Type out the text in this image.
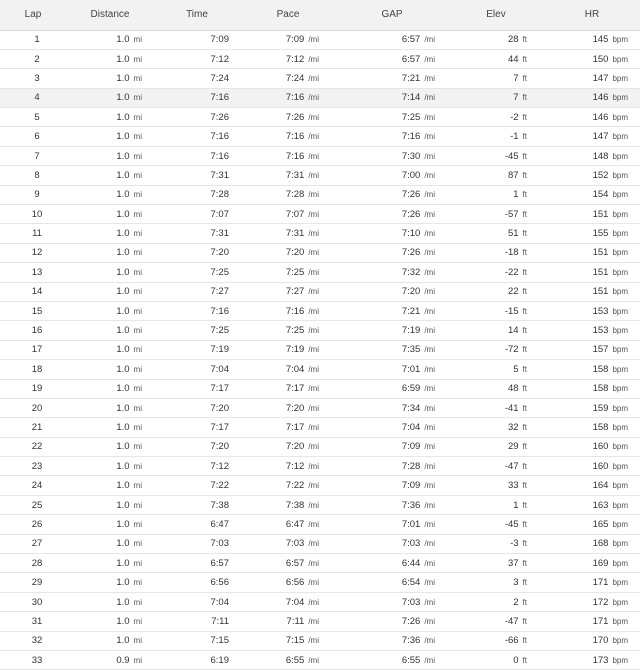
Lap	Distance	Time	Pace	GAP	Elev	HR
1	1.0 mi	7:09	7:09 /mi	6:57 /mi	28 ft	145 bpm
2	1.0 mi	7:12	7:12 /mi	6:57 /mi	44 ft	150 bpm
3	1.0 mi	7:24	7:24 /mi	7:21 /mi	7 ft	147 bpm
4	1.0 mi	7:16	7:16 /mi	7:14 /mi	7 ft	146 bpm
5	1.0 mi	7:26	7:26 /mi	7:25 /mi	-2 ft	146 bpm
6	1.0 mi	7:16	7:16 /mi	7:16 /mi	-1 ft	147 bpm
7	1.0 mi	7:16	7:16 /mi	7:30 /mi	-45 ft	148 bpm
8	1.0 mi	7:31	7:31 /mi	7:00 /mi	87 ft	152 bpm
9	1.0 mi	7:28	7:28 /mi	7:26 /mi	1 ft	154 bpm
10	1.0 mi	7:07	7:07 /mi	7:26 /mi	-57 ft	151 bpm
11	1.0 mi	7:31	7:31 /mi	7:10 /mi	51 ft	155 bpm
12	1.0 mi	7:20	7:20 /mi	7:26 /mi	-18 ft	151 bpm
13	1.0 mi	7:25	7:25 /mi	7:32 /mi	-22 ft	151 bpm
14	1.0 mi	7:27	7:27 /mi	7:20 /mi	22 ft	151 bpm
15	1.0 mi	7:16	7:16 /mi	7:21 /mi	-15 ft	153 bpm
16	1.0 mi	7:25	7:25 /mi	7:19 /mi	14 ft	153 bpm
17	1.0 mi	7:19	7:19 /mi	7:35 /mi	-72 ft	157 bpm
18	1.0 mi	7:04	7:04 /mi	7:01 /mi	5 ft	158 bpm
19	1.0 mi	7:17	7:17 /mi	6:59 /mi	48 ft	158 bpm
20	1.0 mi	7:20	7:20 /mi	7:34 /mi	-41 ft	159 bpm
21	1.0 mi	7:17	7:17 /mi	7:04 /mi	32 ft	158 bpm
22	1.0 mi	7:20	7:20 /mi	7:09 /mi	29 ft	160 bpm
23	1.0 mi	7:12	7:12 /mi	7:28 /mi	-47 ft	160 bpm
24	1.0 mi	7:22	7:22 /mi	7:09 /mi	33 ft	164 bpm
25	1.0 mi	7:38	7:38 /mi	7:36 /mi	1 ft	163 bpm
26	1.0 mi	6:47	6:47 /mi	7:01 /mi	-45 ft	165 bpm
27	1.0 mi	7:03	7:03 /mi	7:03 /mi	-3 ft	168 bpm
28	1.0 mi	6:57	6:57 /mi	6:44 /mi	37 ft	169 bpm
29	1.0 mi	6:56	6:56 /mi	6:54 /mi	3 ft	171 bpm
30	1.0 mi	7:04	7:04 /mi	7:03 /mi	2 ft	172 bpm
31	1.0 mi	7:11	7:11 /mi	7:26 /mi	-47 ft	171 bpm
32	1.0 mi	7:15	7:15 /mi	7:36 /mi	-66 ft	170 bpm
33	0.9 mi	6:19	6:55 /mi	6:55 /mi	0 ft	173 bpm
